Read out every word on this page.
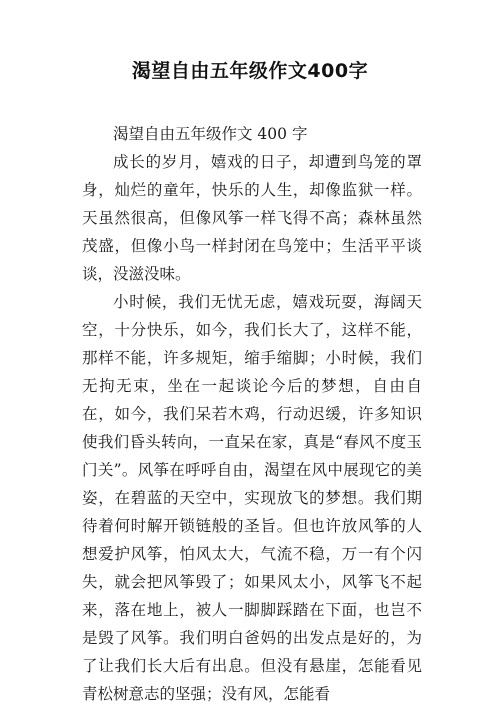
渴望自由五年级作文400字

渴望自由五年级作文 400 字

成长的岁月，嬉戏的日子，却遭到鸟笼的罩身，灿烂的童年，快乐的人生，却像监狱一样。天虽然很高，但像风筝一样飞得不高；森林虽然茂盛，但像小鸟一样封闭在鸟笼中；生活平平谈谈，没滋没味。

小时候，我们无忧无虑，嬉戏玩耍，海阔天空，十分快乐，如今，我们长大了，这样不能，那样不能，许多规矩，缩手缩脚；小时候，我们无拘无束，坐在一起谈论今后的梦想，自由自在，如今，我们呆若木鸡，行动迟缓，许多知识使我们昏头转向，一直呆在家，真是“春风不度玉门关”。风筝在呼呼自由，渴望在风中展现它的美姿，在碧蓝的天空中，实现放飞的梦想。我们期待着何时解开锁链般的圣旨。但也许放风筝的人想爱护风筝，怕风太大，气流不稳，万一有个闪失，就会把风筝毁了；如果风太小，风筝飞不起来，落在地上，被人一脚脚踩踏在下面，也岂不是毁了风筝。我们明白爸妈的出发点是好的，为了让我们长大后有出息。但没有悬崖，怎能看见青松树意志的坚强；没有风，怎能看
